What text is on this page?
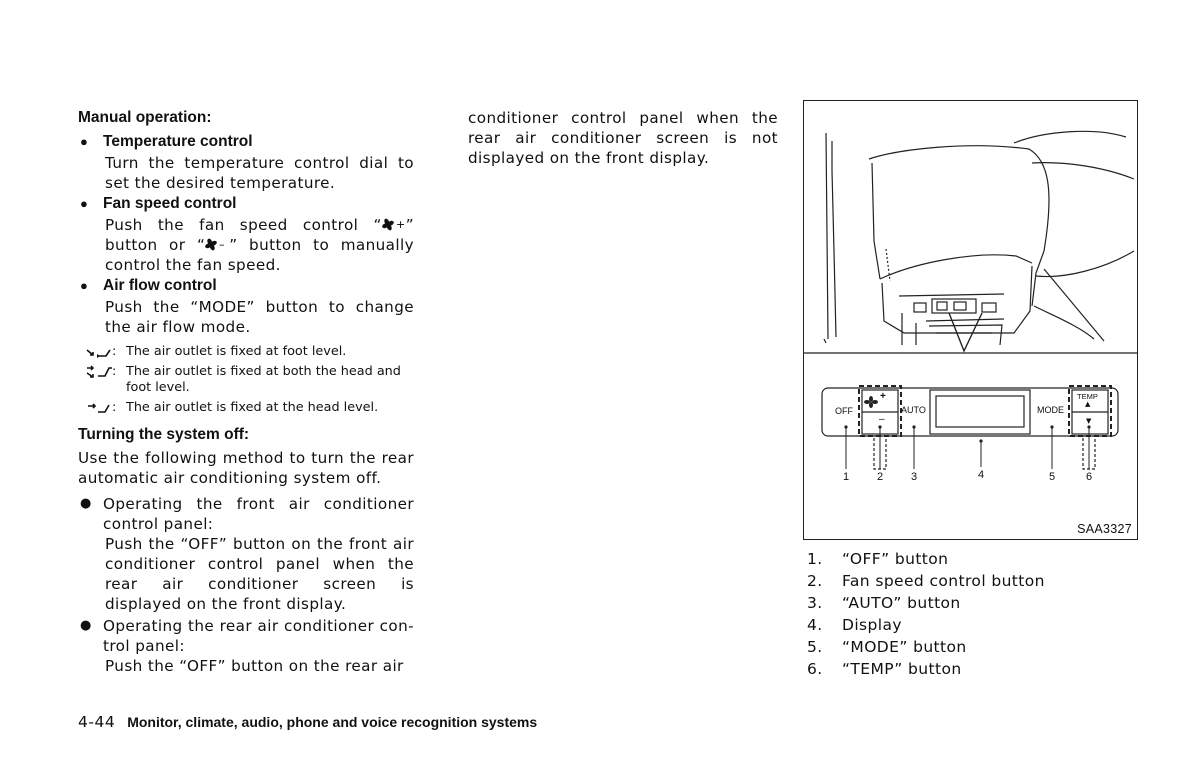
Manual operation:
● Temperature control
Turn the temperature control dial to set the desired temperature.
● Fan speed control
Push the fan speed control “ + ” button or “ – ” button to manually control the fan speed.
● Air flow control
Push the “MODE” button to change the air flow mode.
: The air outlet is fixed at foot level.
: The air outlet is fixed at both the head and foot level.
: The air outlet is fixed at the head level.
Turning the system off:
Use the following method to turn the rear automatic air conditioning system off.
● Operating the front air conditioner control panel:
Push the “OFF” button on the front air conditioner control panel when the rear air conditioner screen is displayed on the front display.
● Operating the rear air conditioner con-trol panel:
Push the “OFF” button on the rear air
conditioner control panel when the rear air conditioner screen is not displayed on the front display.
OFF
+
–
AUTO	MODE
TEMP
▲
▼
1	2	3	4	5	6
SAA3327
1.	“OFF” button
2.	Fan speed control button
3.	“AUTO” button
4.	Display
5.	“MODE” button
6.	“TEMP” button
4-44 Monitor, climate, audio, phone and voice recognition systems
